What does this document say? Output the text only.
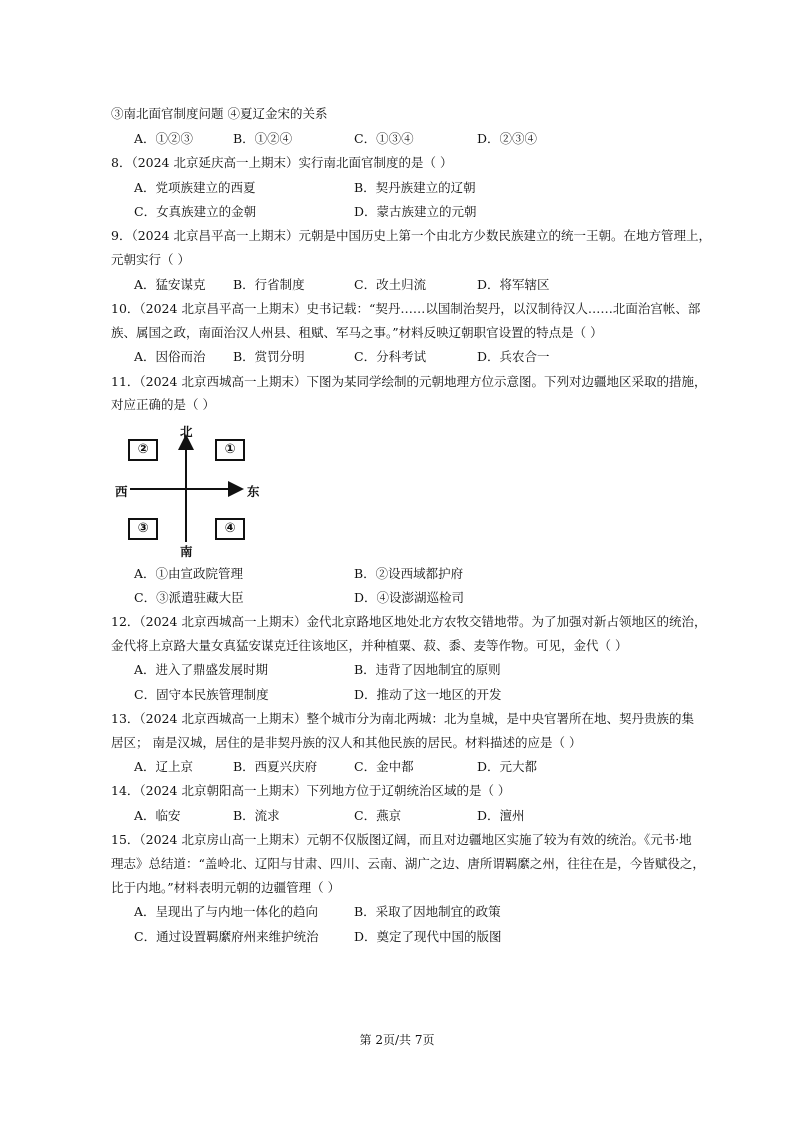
③南北面官制度问题 ④夏辽金宋的关系
A．①②③	B．①②④	C．①③④	D．②③④
8．（2024 北京延庆高一上期末）实行南北面官制度的是（ ）
A．党项族建立的西夏	B．契丹族建立的辽朝
C．女真族建立的金朝	D．蒙古族建立的元朝
9．（2024 北京昌平高一上期末）元朝是中国历史上第一个由北方少数民族建立的统一王朝。在地方管理上，
元朝实行（ ）
A．猛安谋克 B．行省制度	C．改土归流	D．将军辖区
10．（2024 北京昌平高一上期末）史书记载：“契丹……以国制治契丹，以汉制待汉人……北面治宫帐、部
族、属国之政，南面治汉人州县、租赋、军马之事。”材料反映辽朝职官设置的特点是（ ）
A．因俗而治 B．赏罚分明	C．分科考试	D．兵农合一
11．（2024 北京西城高一上期末）下图为某同学绘制的元朝地理方位示意图。下列对边疆地区采取的措施，
对应正确的是（ ）
北
南
西	东
②	①
③	④
A．①由宣政院管理	B．②设西域都护府
C．③派遣驻藏大臣	D．④设澎湖巡检司
12．（2024 北京西城高一上期末）金代北京路地区地处北方农牧交错地带。为了加强对新占领地区的统治，
金代将上京路大量女真猛安谋克迁往该地区，并种植粟、菽、黍、麦等作物。可见，金代（ ）
A．进入了鼎盛发展时期	B．违背了因地制宜的原则
C．固守本民族管理制度	D．推动了这一地区的开发
13．（2024 北京西城高一上期末）整个城市分为南北两城：北为皇城，是中央官署所在地、契丹贵族的集
居区； 南是汉城，居住的是非契丹族的汉人和其他民族的居民。材料描述的应是（ ）
A．辽上京	B．西夏兴庆府	C．金中都	D．元大都
14．（2024 北京朝阳高一上期末）下列地方位于辽朝统治区域的是（ ）
A．临安	B．流求	C．燕京	D．澶州
15．（2024 北京房山高一上期末）元朝不仅版图辽阔，而且对边疆地区实施了较为有效的统治。《元书·地
理志》总结道：“盖岭北、辽阳与甘肃、四川、云南、湖广之边、唐所谓羁縻之州，往往在是，今皆赋役之，
比于内地。”材料表明元朝的边疆管理（ ）
A．呈现出了与内地一体化的趋向	B．采取了因地制宜的政策
C．通过设置羁縻府州来维护统治	D．奠定了现代中国的版图
第 2页/共 7页
